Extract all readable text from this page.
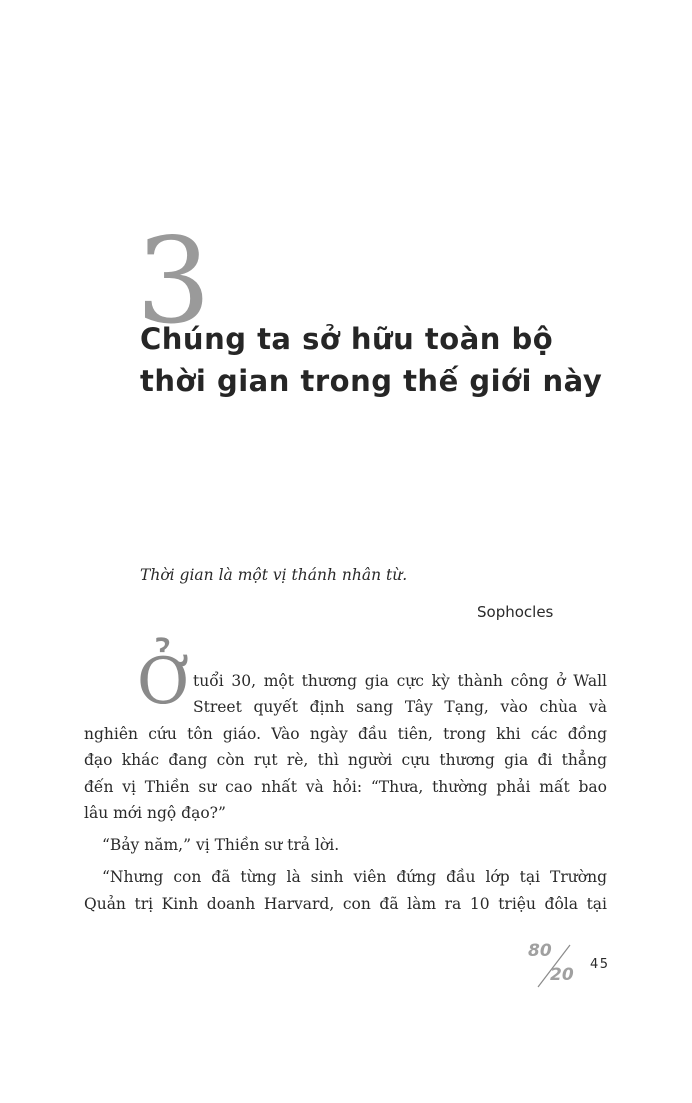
3
Chúng ta sở hữu toàn bộ
thời gian trong thế giới này
Thời gian là một vị thánh nhân từ.
Sophocles
Ở tuổi 30, một thương gia cực kỳ thành công ở Wall
Street quyết định sang Tây Tạng, vào chùa và
nghiên cứu tôn giáo. Vào ngày đầu tiên, trong khi các đồng
đạo khác đang còn rụt rè, thì người cựu thương gia đi thẳng
đến vị Thiền sư cao nhất và hỏi: “Thưa, thường phải mất bao
lâu mới ngộ đạo?”
“Bảy năm,” vị Thiền sư trả lời.
“Nhưng con đã từng là sinh viên đứng đầu lớp tại Trường
Quản trị Kinh doanh Harvard, con đã làm ra 10 triệu đôla tại
80
20
45
